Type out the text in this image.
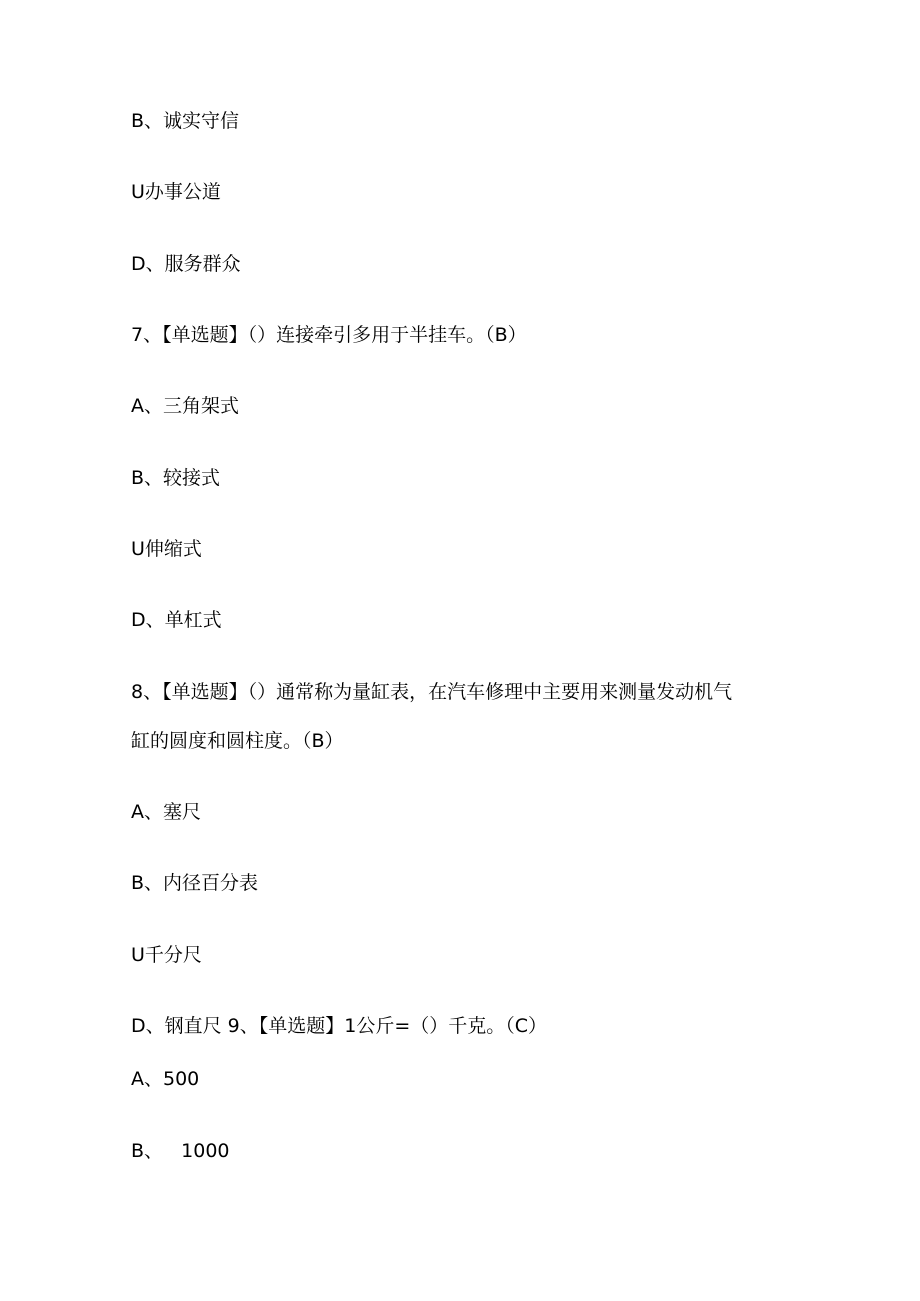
B、诚实守信

U办事公道

D、服务群众

7、【单选题】（）连接牵引多用于半挂车。（B）

A、三角架式

B、较接式

U伸缩式

D、单杠式

8、【单选题】（）通常称为量缸表，在汽车修理中主要用来测量发动机气

缸的圆度和圆柱度。（B）

A、塞尺

B、内径百分表

U千分尺

D、钢直尺 9、【单选题】1公斤=（）千克。（C）

A、500

B、   1000
